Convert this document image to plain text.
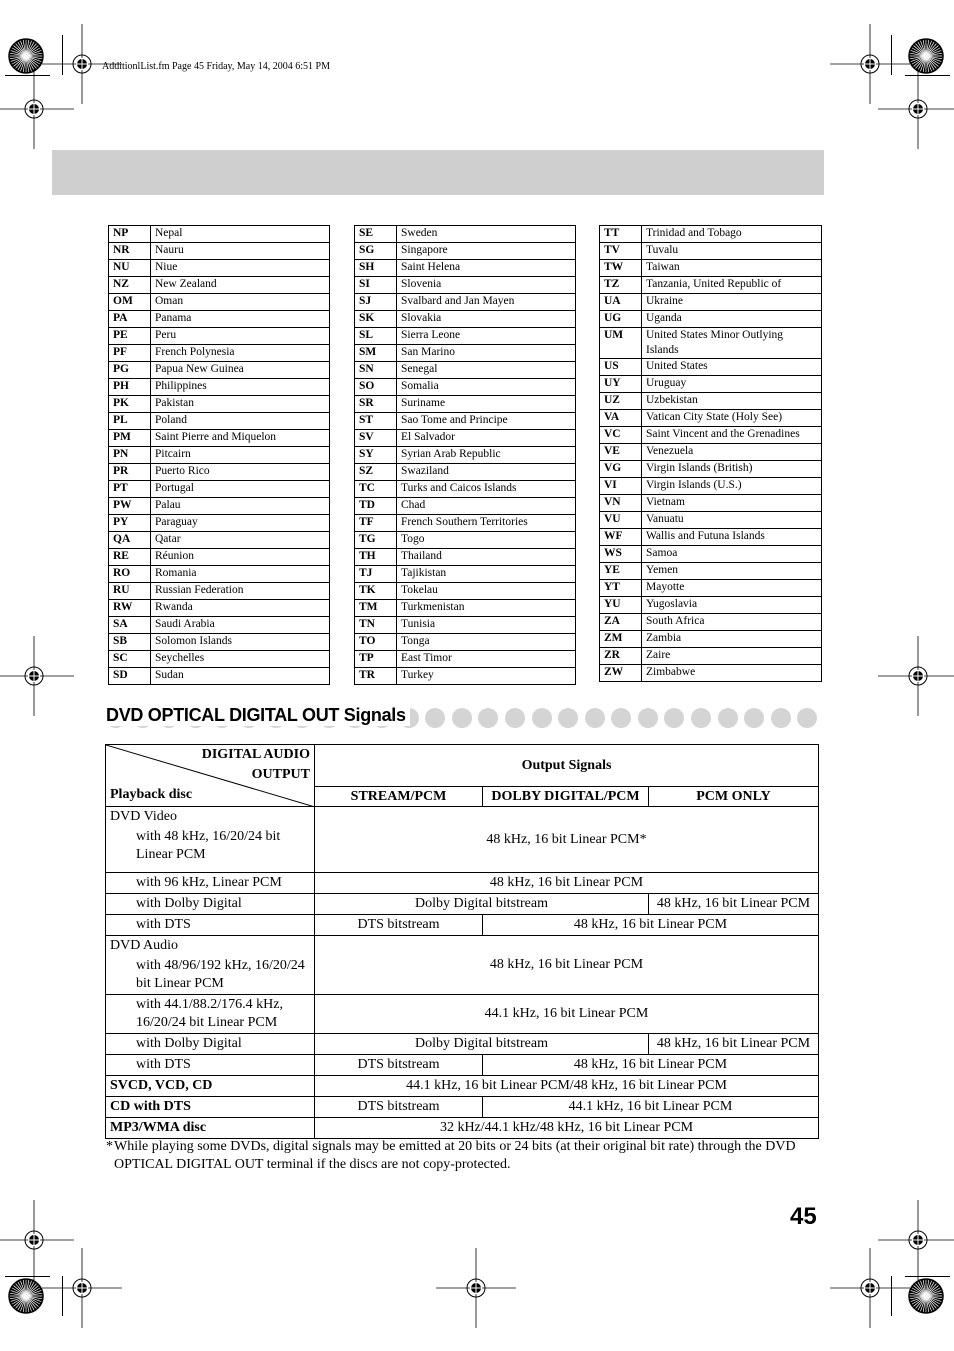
AdditionlList.fm Page 45 Friday, May 14, 2004 6:51 PM
NP	Nepal
NR	Nauru
NU	Niue
NZ	New Zealand
OM	Oman
PA	Panama
PE	Peru
PF	French Polynesia
PG	Papua New Guinea
PH	Philippines
PK	Pakistan
PL	Poland
PM	Saint Pierre and Miquelon
PN	Pitcairn
PR	Puerto Rico
PT	Portugal
PW	Palau
PY	Paraguay
QA	Qatar
RE	Réunion
RO	Romania
RU	Russian Federation
RW	Rwanda
SA	Saudi Arabia
SB	Solomon Islands
SC	Seychelles
SD	Sudan
SE	Sweden
SG	Singapore
SH	Saint Helena
SI	Slovenia
SJ	Svalbard and Jan Mayen
SK	Slovakia
SL	Sierra Leone
SM	San Marino
SN	Senegal
SO	Somalia
SR	Suriname
ST	Sao Tome and Principe
SV	El Salvador
SY	Syrian Arab Republic
SZ	Swaziland
TC	Turks and Caicos Islands
TD	Chad
TF	French Southern Territories
TG	Togo
TH	Thailand
TJ	Tajikistan
TK	Tokelau
TM	Turkmenistan
TN	Tunisia
TO	Tonga
TP	East Timor
TR	Turkey
TT	Trinidad and Tobago
TV	Tuvalu
TW	Taiwan
TZ	Tanzania, United Republic of
UA	Ukraine
UG	Uganda
UM	United States Minor Outlying Islands
US	United States
UY	Uruguay
UZ	Uzbekistan
VA	Vatican City State (Holy See)
VC	Saint Vincent and the Grenadines
VE	Venezuela
VG	Virgin Islands (British)
VI	Virgin Islands (U.S.)
VN	Vietnam
VU	Vanuatu
WF	Wallis and Futuna Islands
WS	Samoa
YE	Yemen
YT	Mayotte
YU	Yugoslavia
ZA	South Africa
ZM	Zambia
ZR	Zaire
ZW	Zimbabwe
DVD OPTICAL DIGITAL OUT Signals
DIGITAL AUDIO
OUTPUT
Playback disc	Output Signals		
	STREAM/PCM	DOLBY DIGITAL/PCM	PCM ONLY

DVD Video
with 48 kHz, 16/20/24 bit Linear PCM	48 kHz, 16 bit Linear PCM*		
with 96 kHz, Linear PCM	48 kHz, 16 bit Linear PCM		
with Dolby Digital	Dolby Digital bitstream		48 kHz, 16 bit Linear PCM
with DTS	DTS bitstream	48 kHz, 16 bit Linear PCM	

DVD Audio
with 48/96/192 kHz, 16/20/24 bit Linear PCM	48 kHz, 16 bit Linear PCM		
with 44.1/88.2/176.4 kHz, 16/20/24 bit Linear PCM	44.1 kHz, 16 bit Linear PCM		
with Dolby Digital	Dolby Digital bitstream		48 kHz, 16 bit Linear PCM
with DTS	DTS bitstream	48 kHz, 16 bit Linear PCM	
SVCD, VCD, CD	44.1 kHz, 16 bit Linear PCM/48 kHz, 16 bit Linear PCM		
CD with DTS	DTS bitstream	44.1 kHz, 16 bit Linear PCM	
MP3/WMA disc	32 kHz/44.1 kHz/48 kHz, 16 bit Linear PCM		
* While playing some DVDs, digital signals may be emitted at 20 bits or 24 bits (at their original bit rate) through the DVD OPTICAL DIGITAL OUT terminal if the discs are not copy-protected.
45
